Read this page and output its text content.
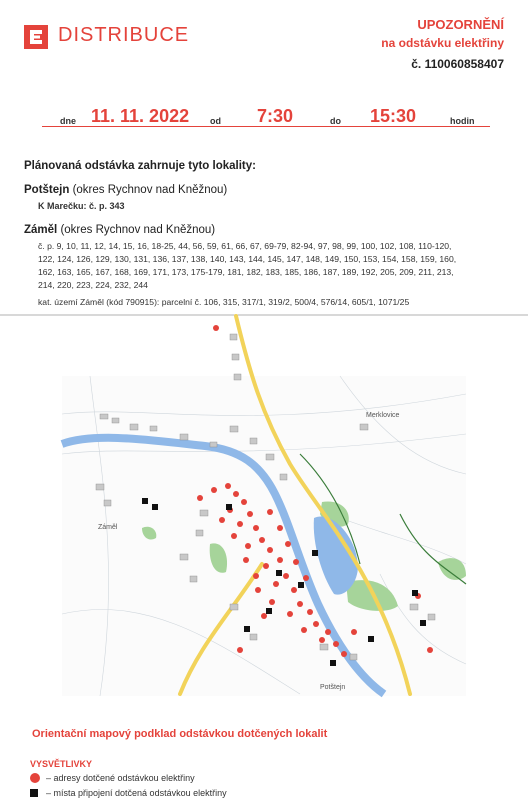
DISTRIBUCE	UPOZORNĚNÍ
na odstávku elektřiny
č. 110060858407
dne 11. 11. 2022 od 7:30	do 15:30	hodin
Plánovaná odstávka zahrnuje tyto lokality:
Potštejn (okres Rychnov nad Kněžnou)
K Marečku: č. p. 343
Záměl (okres Rychnov nad Kněžnou)
č. p. 9, 10, 11, 12, 14, 15, 16, 18-25, 44, 56, 59, 61, 66, 67, 69-79, 82-94, 97, 98, 99, 100, 102, 108, 110-120,
122, 124, 126, 129, 130, 131, 136, 137, 138, 140, 143, 144, 145, 147, 148, 149, 150, 153, 154, 158, 159, 160,
162, 163, 165, 167, 168, 169, 171, 173, 175-179, 181, 182, 183, 185, 186, 187, 189, 192, 205, 209, 211, 213,
214, 220, 223, 224, 232, 244
kat. území Záměl (kód 790915): parcelní č. 106, 315, 317/1, 319/2, 500/4, 576/14, 605/1, 1071/25
Merklovice
Záměl
Potštejn
Orientační mapový podklad odstávkou dotčených lokalit
VYSVĚTLIVKY
– adresy dotčené odstávkou elektřiny
– místa připojení dotčená odstávkou elektřiny
